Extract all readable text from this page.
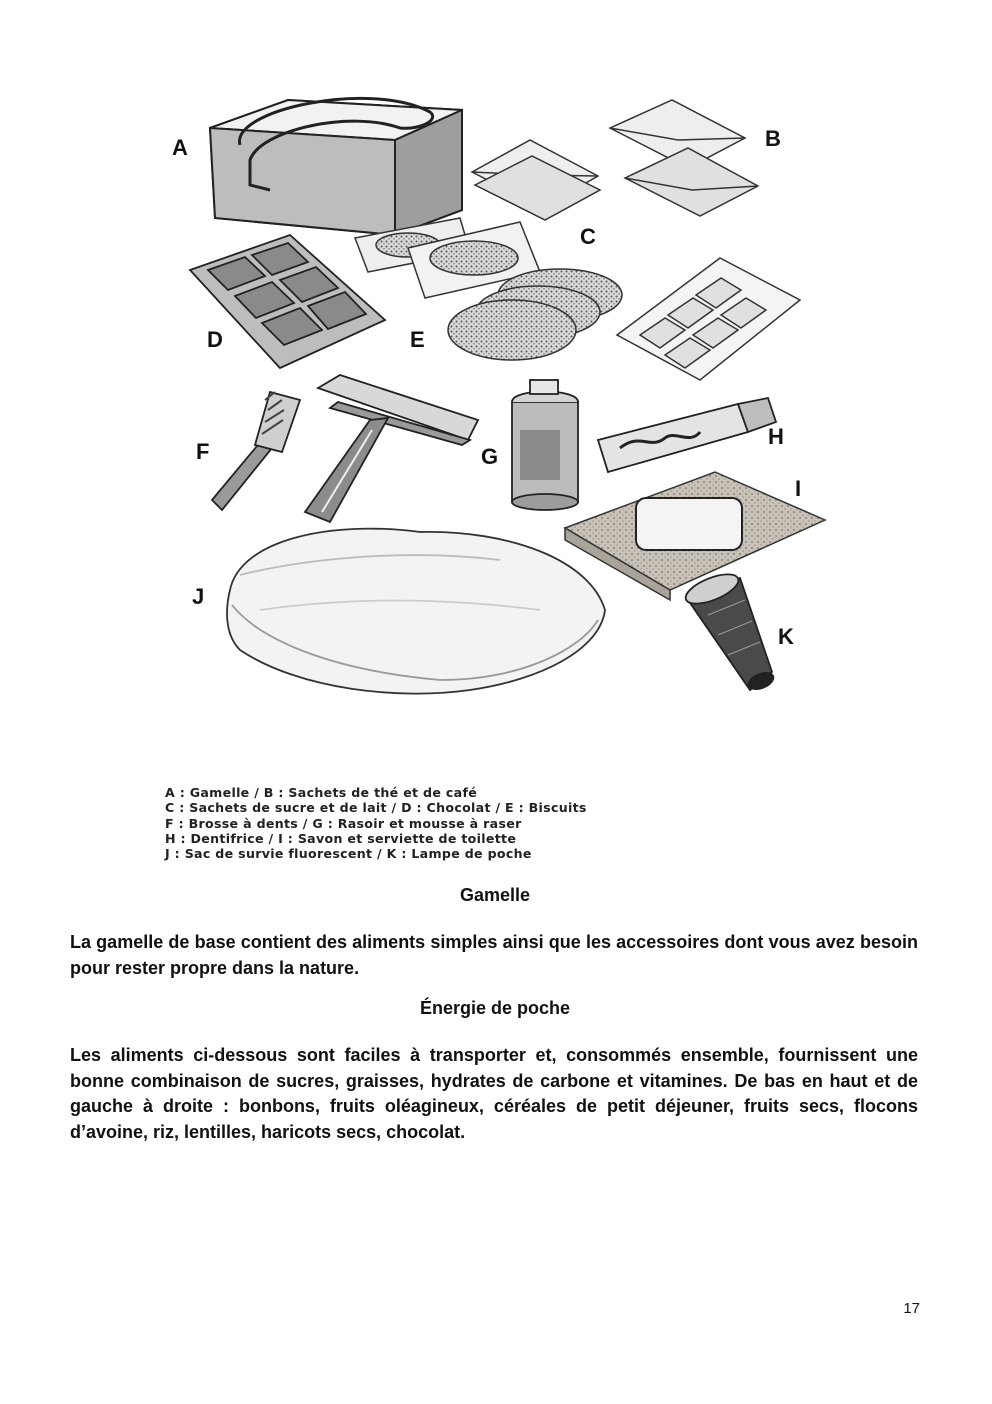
A	B
C
D	E
F	G
H
I
J
K
A : Gamelle / B : Sachets de thé et de café
C : Sachets de sucre et de lait / D : Chocolat / E : Biscuits
F : Brosse à dents / G : Rasoir et mousse à raser
H : Dentifrice / I : Savon et serviette de toilette
J : Sac de survie fluorescent / K : Lampe de poche
Gamelle
La gamelle de base contient des aliments simples ainsi que les accessoires dont vous avez besoin pour rester propre dans la nature.
Énergie de poche
Les aliments ci-dessous sont faciles à transporter et, consommés ensemble, fournissent une bonne combinaison de sucres, graisses, hydrates de carbone et vitamines. De bas en haut et de gauche à droite : bonbons, fruits oléagineux, céréales de petit déjeuner, fruits secs, flocons d’avoine, riz, lentilles, haricots secs, chocolat.
17
